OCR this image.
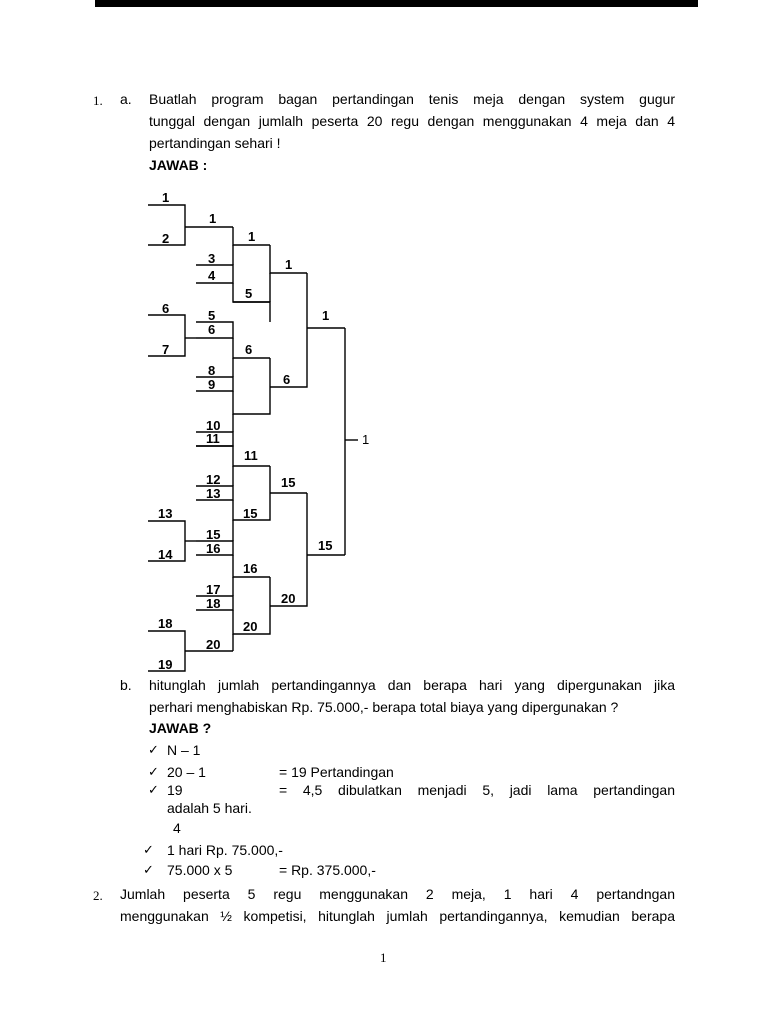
1. a. Buatlah program bagan pertandingan tenis meja dengan system gugur
tunggal dengan jumlalh peserta 20 regu dengan menggunakan 4 meja dan 4
pertandingan sehari !
JAWAB :
1
2
3
4
5
6
6
7
8
9
10
11
12
13
13
14
15
16
17
18
18
19
1
5
6
11
15
16
20
1
6
15
20
1
15
1
20
1
b. hitunglah jumlah pertandingannya dan berapa hari yang dipergunakan jika
perhari menghabiskan Rp. 75.000,- berapa total biaya yang dipergunakan ?
JAWAB ?
✓ N – 1
✓ 20 – 1	= 19 Pertandingan
✓ 19	= 4,5 dibulatkan menjadi 5, jadi lama pertandingan
adalah 5 hari.
4
✓ 1 hari Rp. 75.000,-
✓ 75.000 x 5	= Rp. 375.000,-
2. Jumlah peserta 5 regu menggunakan 2 meja, 1 hari 4 pertandngan
menggunakan ½ kompetisi, hitunglah jumlah pertandingannya, kemudian berapa
1
